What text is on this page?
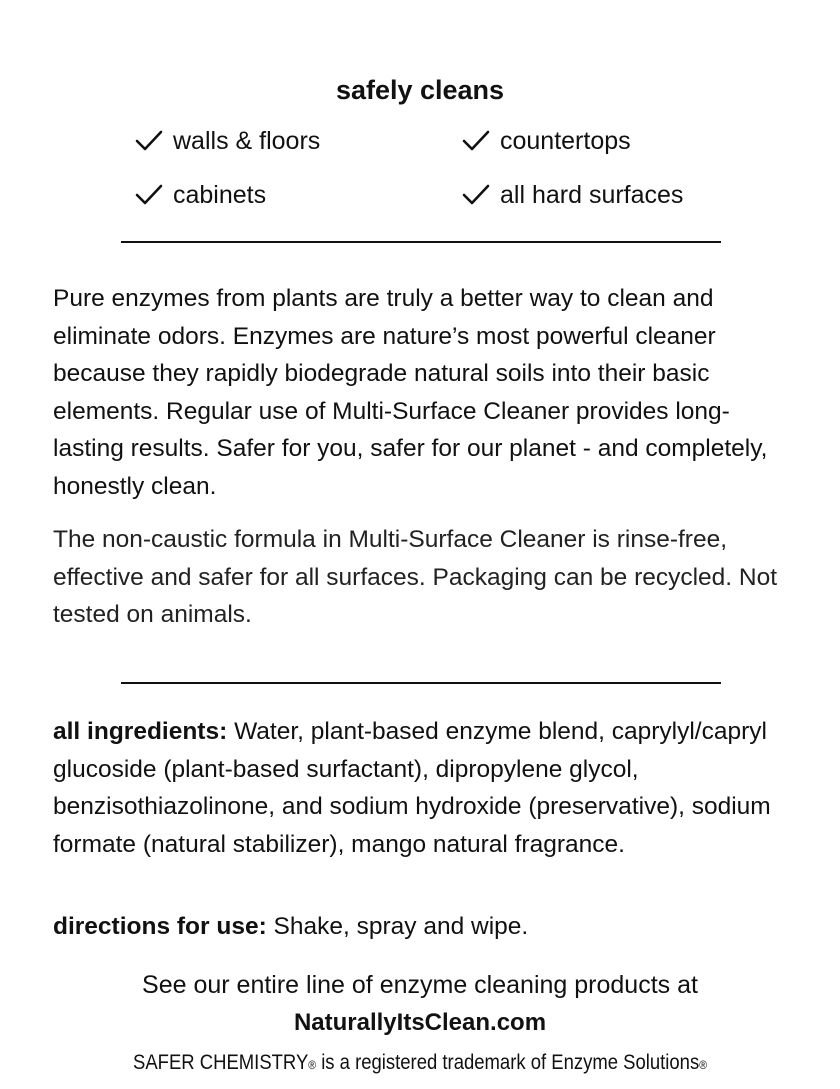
safely cleans
walls & floors	countertops
cabinets	all hard surfaces
Pure enzymes from plants are truly a better way to clean and eliminate odors. Enzymes are nature’s most powerful cleaner because they rapidly biodegrade natural soils into their basic elements. Regular use of Multi-Surface Cleaner provides long-lasting results. Safer for you, safer for our planet - and completely, honestly clean.
The non-caustic formula in Multi-Surface Cleaner is rinse-free, effective and safer for all surfaces. Packaging can be recycled. Not tested on animals.
all ingredients: Water, plant-based enzyme blend, caprylyl/capryl glucoside (plant-based surfactant), dipropylene glycol, benzisothiazolinone, and sodium hydroxide (preservative), sodium formate (natural stabilizer), mango natural fragrance.
directions for use: Shake, spray and wipe.
See our entire line of enzyme cleaning products at
NaturallyItsClean.com
SAFER CHEMISTRY® is a registered trademark of Enzyme Solutions®
